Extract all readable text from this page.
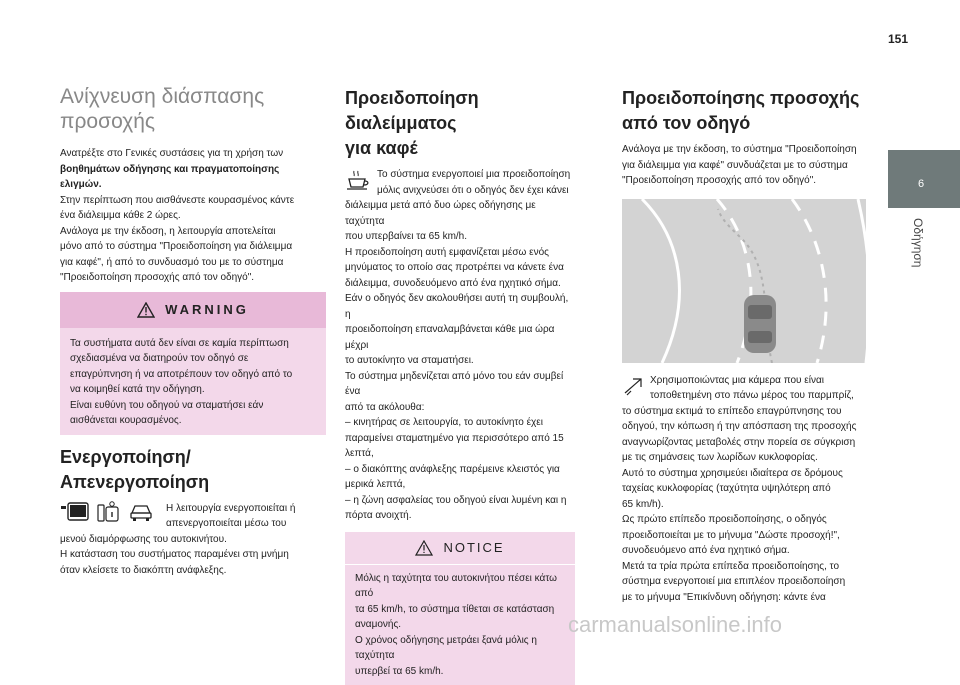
151
6
Οδήγηση
Ανίχνευση διάσπασης
προσοχής

Ανατρέξτε στο Γενικές συστάσεις για τη χρήση των
βοηθημάτων οδήγησης και πραγματοποίησης
ελιγμών.
Στην περίπτωση που αισθάνεστε κουρασμένος κάντε
ένα διάλειμμα κάθε 2 ώρες.
Ανάλογα με την έκδοση, η λειτουργία αποτελείται
μόνο από το σύστημα "Προειδοποίηση για διάλειμμα
για καφέ", ή από το συνδυασμό του με το σύστημα
"Προειδοποίηση προσοχής από τον οδηγό".

WARNING

Τα συστήματα αυτά δεν είναι σε καμία περίπτωση
σχεδιασμένα να διατηρούν τον οδηγό σε
επαγρύπνηση ή να αποτρέπουν τον οδηγό από το
να κοιμηθεί κατά την οδήγηση.
Είναι ευθύνη του οδηγού να σταματήσει εάν
αισθάνεται κουρασμένος.

Ενεργοποίηση/
Απενεργοποίηση

Η λειτουργία ενεργοποιείται ή
απενεργοποιείται μέσω του

μενού διαμόρφωσης του αυτοκινήτου.
Η κατάσταση του συστήματος παραμένει στη μνήμη
όταν κλείσετε το διακόπτη ανάφλεξης.

Προειδοποίηση διαλείμματος
για καφέ

Το σύστημα ενεργοποιεί μια προειδοποίηση
μόλις ανιχνεύσει ότι ο οδηγός δεν έχει κάνει

διάλειμμα μετά από δυο ώρες οδήγησης με ταχύτητα
που υπερβαίνει τα 65 km/h.
Η προειδοποίηση αυτή εμφανίζεται μέσω ενός
μηνύματος το οποίο σας προτρέπει να κάνετε ένα
διάλειμμα, συνοδευόμενο από ένα ηχητικό σήμα.
Εάν ο οδηγός δεν ακολουθήσει αυτή τη συμβουλή, η
προειδοποίηση επαναλαμβάνεται κάθε μια ώρα μέχρι
το αυτοκίνητο να σταματήσει.
Το σύστημα μηδενίζεται από μόνο του εάν συμβεί ένα
από τα ακόλουθα:
– κινητήρας σε λειτουργία, το αυτοκίνητο έχει
παραμείνει σταματημένο για περισσότερο από 15
λεπτά,
– ο διακόπτης ανάφλεξης παρέμεινε κλειστός για
μερικά λεπτά,
– η ζώνη ασφαλείας του οδηγού είναι λυμένη και η
πόρτα ανοιχτή.

NOTICE

Μόλις η ταχύτητα του αυτοκινήτου πέσει κάτω από
τα 65 km/h, το σύστημα τίθεται σε κατάσταση
αναμονής.
Ο χρόνος οδήγησης μετράει ξανά μόλις η ταχύτητα
υπερβεί τα 65 km/h.

Προειδοποίησης προσοχής
από τον οδηγό

Ανάλογα με την έκδοση, το σύστημα "Προειδοποίηση
για διάλειμμα για καφέ" συνδυάζεται με το σύστημα
"Προειδοποίηση προσοχής από τον οδηγό".

Χρησιμοποιώντας μια κάμερα που είναι
τοποθετημένη στο πάνω μέρος του παρμπρίζ,

το σύστημα εκτιμά το επίπεδο επαγρύπνησης του
οδηγού, την κόπωση ή την απόσπαση της προσοχής
αναγνωρίζοντας μεταβολές στην πορεία σε σύγκριση
με τις σημάνσεις των λωρίδων κυκλοφορίας.
Αυτό το σύστημα χρησιμεύει ιδιαίτερα σε δρόμους
ταχείας κυκλοφορίας (ταχύτητα υψηλότερη από
65 km/h).
Ως πρώτο επίπεδο προειδοποίησης, ο οδηγός
προειδοποιείται με το μήνυμα "Δώστε προσοχή!",
συνοδευόμενο από ένα ηχητικό σήμα.
Μετά τα τρία πρώτα επίπεδα προειδοποίησης, το
σύστημα ενεργοποιεί μια επιπλέον προειδοποίηση
με το μήνυμα "Επικίνδυνη οδήγηση: κάντε ένα

carmanualsonline.info
